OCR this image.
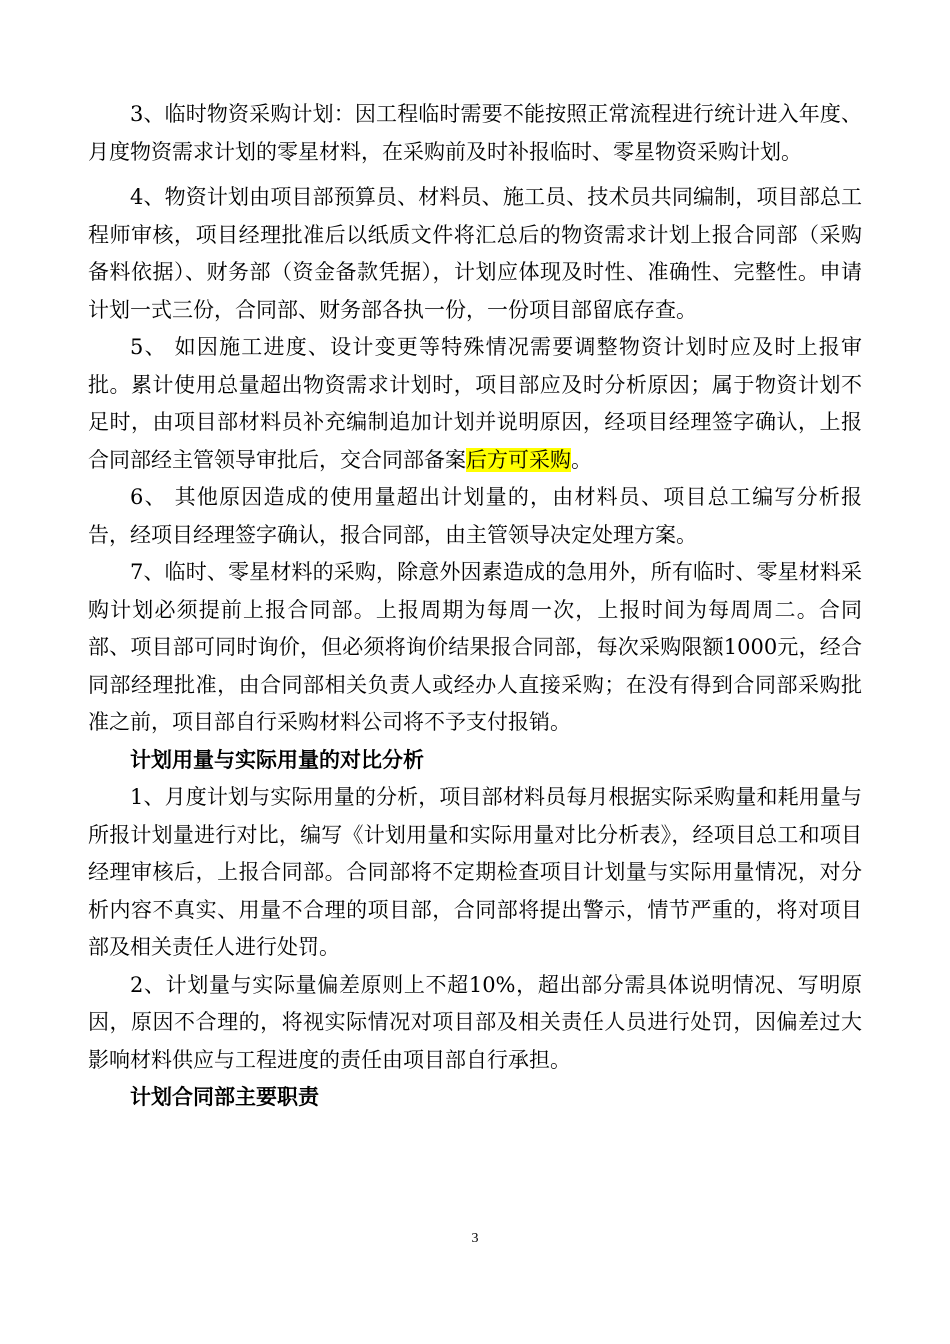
3、临时物资采购计划：因工程临时需要不能按照正常流程进行统计进入年度、月度物资需求计划的零星材料，在采购前及时补报临时、零星物资采购计划。

4、物资计划由项目部预算员、材料员、施工员、技术员共同编制，项目部总工程师审核，项目经理批准后以纸质文件将汇总后的物资需求计划上报合同部（采购备料依据）、财务部（资金备款凭据），计划应体现及时性、准确性、完整性。申请计划一式三份，合同部、财务部各执一份，一份项目部留底存查。

5、 如因施工进度、设计变更等特殊情况需要调整物资计划时应及时上报审批。累计使用总量超出物资需求计划时，项目部应及时分析原因；属于物资计划不足时，由项目部材料员补充编制追加计划并说明原因，经项目经理签字确认，上报合同部经主管领导审批后，交合同部备案后方可采购。

6、 其他原因造成的使用量超出计划量的，由材料员、项目总工编写分析报告，经项目经理签字确认，报合同部，由主管领导决定处理方案。

7、临时、零星材料的采购，除意外因素造成的急用外，所有临时、零星材料采购计划必须提前上报合同部。上报周期为每周一次，上报时间为每周周二。合同部、项目部可同时询价，但必须将询价结果报合同部，每次采购限额1000元，经合同部经理批准，由合同部相关负责人或经办人直接采购；在没有得到合同部采购批准之前，项目部自行采购材料公司将不予支付报销。

计划用量与实际用量的对比分析

1、月度计划与实际用量的分析，项目部材料员每月根据实际采购量和耗用量与所报计划量进行对比，编写《计划用量和实际用量对比分析表》，经项目总工和项目经理审核后，上报合同部。合同部将不定期检查项目计划量与实际用量情况，对分析内容不真实、用量不合理的项目部，合同部将提出警示，情节严重的，将对项目部及相关责任人进行处罚。

2、计划量与实际量偏差原则上不超10%，超出部分需具体说明情况、写明原因，原因不合理的，将视实际情况对项目部及相关责任人员进行处罚，因偏差过大影响材料供应与工程进度的责任由项目部自行承担。

计划合同部主要职责

3
